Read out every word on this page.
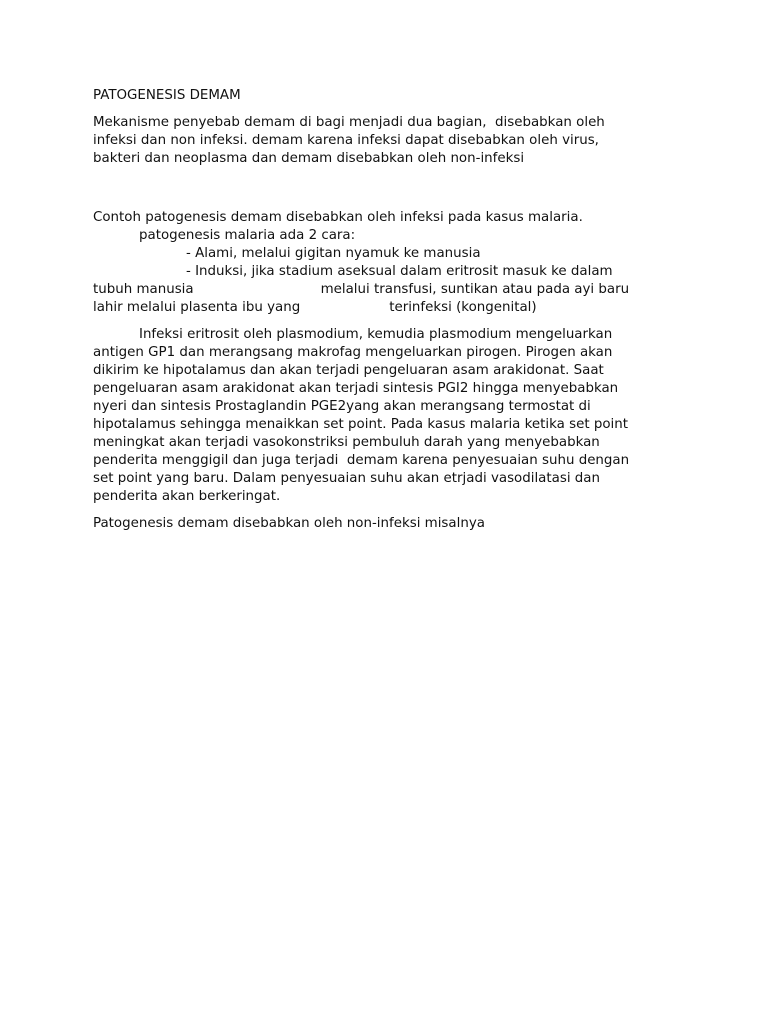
PATOGENESIS DEMAM
Mekanisme penyebab demam di bagi menjadi dua bagian,  disebabkan oleh
infeksi dan non infeksi. demam karena infeksi dapat disebabkan oleh virus,
bakteri dan neoplasma dan demam disebabkan oleh non-infeksi
Contoh patogenesis demam disebabkan oleh infeksi pada kasus malaria.
patogenesis malaria ada 2 cara:
- Alami, melalui gigitan nyamuk ke manusia
- Induksi, jika stadium aseksual dalam eritrosit masuk ke dalam
tubuh manusia	melalui transfusi, suntikan atau pada ayi baru
lahir melalui plasenta ibu yang	terinfeksi (kongenital)
Infeksi eritrosit oleh plasmodium, kemudia plasmodium mengeluarkan
antigen GP1 dan merangsang makrofag mengeluarkan pirogen. Pirogen akan
dikirim ke hipotalamus dan akan terjadi pengeluaran asam arakidonat. Saat
pengeluaran asam arakidonat akan terjadi sintesis PGI2 hingga menyebabkan
nyeri dan sintesis Prostaglandin PGE2yang akan merangsang termostat di
hipotalamus sehingga menaikkan set point. Pada kasus malaria ketika set point
meningkat akan terjadi vasokonstriksi pembuluh darah yang menyebabkan
penderita menggigil dan juga terjadi  demam karena penyesuaian suhu dengan
set point yang baru. Dalam penyesuaian suhu akan etrjadi vasodilatasi dan
penderita akan berkeringat.
Patogenesis demam disebabkan oleh non-infeksi misalnya
